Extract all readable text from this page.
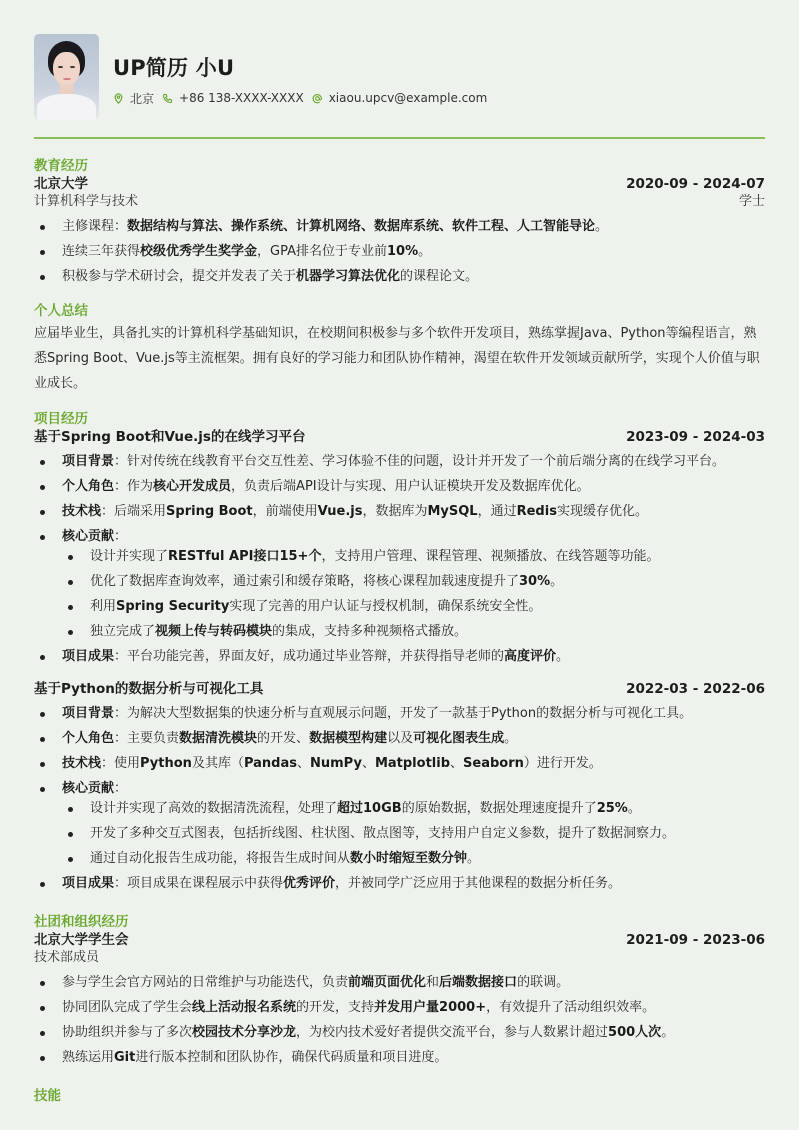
UP简历 小U
北京 +86 138-XXXX-XXXX xiaou.upcv@example.com
教育经历
北京大学	2020-09 - 2024-07
计算机科学与技术	学士
主修课程：数据结构与算法、操作系统、计算机网络、数据库系统、软件工程、人工智能导论。
连续三年获得校级优秀学生奖学金，GPA排名位于专业前10%。
积极参与学术研讨会，提交并发表了关于机器学习算法优化的课程论文。
个人总结
应届毕业生，具备扎实的计算机科学基础知识，在校期间积极参与多个软件开发项目，熟练掌握Java、Python等编程语言，熟悉Spring Boot、Vue.js等主流框架。拥有良好的学习能力和团队协作精神，渴望在软件开发领域贡献所学，实现个人价值与职业成长。
项目经历
基于Spring Boot和Vue.js的在线学习平台	2023-09 - 2024-03
项目背景：针对传统在线教育平台交互性差、学习体验不佳的问题，设计并开发了一个前后端分离的在线学习平台。
个人角色：作为核心开发成员，负责后端API设计与实现、用户认证模块开发及数据库优化。
技术栈：后端采用Spring Boot，前端使用Vue.js，数据库为MySQL，通过Redis实现缓存优化。
核心贡献：
设计并实现了RESTful API接口15+个，支持用户管理、课程管理、视频播放、在线答题等功能。
优化了数据库查询效率，通过索引和缓存策略，将核心课程加载速度提升了30%。
利用Spring Security实现了完善的用户认证与授权机制，确保系统安全性。
独立完成了视频上传与转码模块的集成，支持多种视频格式播放。
项目成果：平台功能完善，界面友好，成功通过毕业答辩，并获得指导老师的高度评价。
基于Python的数据分析与可视化工具	2022-03 - 2022-06
项目背景：为解决大型数据集的快速分析与直观展示问题，开发了一款基于Python的数据分析与可视化工具。
个人角色：主要负责数据清洗模块的开发、数据模型构建以及可视化图表生成。
技术栈：使用Python及其库（Pandas、NumPy、Matplotlib、Seaborn）进行开发。
核心贡献：
设计并实现了高效的数据清洗流程，处理了超过10GB的原始数据，数据处理速度提升了25%。
开发了多种交互式图表，包括折线图、柱状图、散点图等，支持用户自定义参数，提升了数据洞察力。
通过自动化报告生成功能，将报告生成时间从数小时缩短至数分钟。
项目成果：项目成果在课程展示中获得优秀评价，并被同学广泛应用于其他课程的数据分析任务。
社团和组织经历
北京大学学生会	2021-09 - 2023-06
技术部成员
参与学生会官方网站的日常维护与功能迭代，负责前端页面优化和后端数据接口的联调。
协同团队完成了学生会线上活动报名系统的开发，支持并发用户量2000+，有效提升了活动组织效率。
协助组织并参与了多次校园技术分享沙龙，为校内技术爱好者提供交流平台，参与人数累计超过500人次。
熟练运用Git进行版本控制和团队协作，确保代码质量和项目进度。
技能
